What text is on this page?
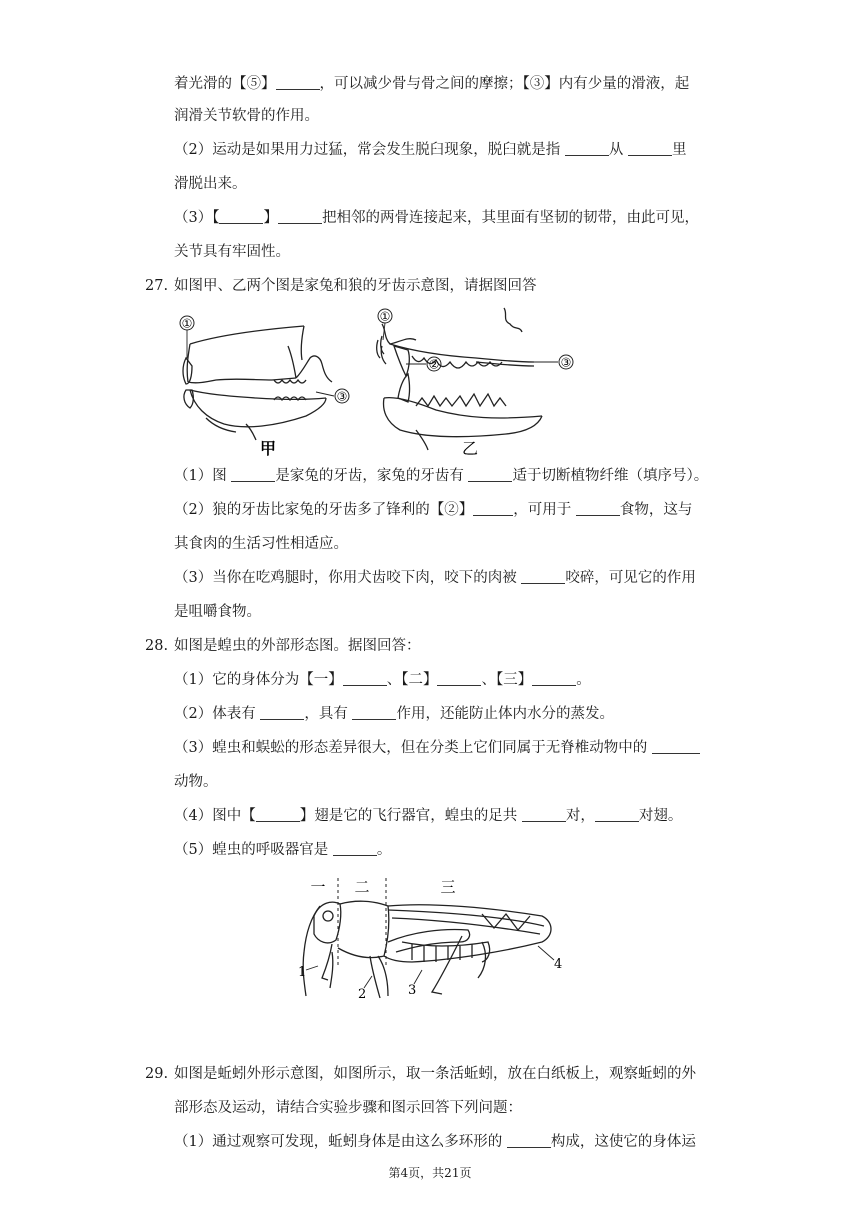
着光滑的【⑤】	，可以减少骨与骨之间的摩擦；【③】内有少量的滑液，起
润滑关节软骨的作用。
（2）运动是如果用力过猛，常会发生脱臼现象，脱臼就是指	从	里
滑脱出来。
（3）【	】	把相邻的两骨连接起来，其里面有坚韧的韧带，由此可见，
关节具有牢固性。
27. 如图甲、乙两个图是家兔和狼的牙齿示意图，请据图回答
①
③
甲
①
②	③
乙
（1）图	是家兔的牙齿，家兔的牙齿有	适于切断植物纤维（填序号）。
（2）狼的牙齿比家兔的牙齿多了锋利的【②】	，可用于	食物，这与
其食肉的生活习性相适应。
（3）当你在吃鸡腿时，你用犬齿咬下肉，咬下的肉被	咬碎，可见它的作用
是咀嚼食物。
28. 如图是蝗虫的外部形态图。据图回答：
（1）它的身体分为【一】	、【二】	、【三】	。
（2）体表有	，具有	作用，还能防止体内水分的蒸发。
（3）蝗虫和蜈蚣的形态差异很大，但在分类上它们同属于无脊椎动物中的
动物。
（4）图中【	】翅是它的飞行器官，蝗虫的足共	对，	对翅。
（5）蝗虫的呼吸器官是	。
一 二	三
1
2	3
4
29. 如图是蚯蚓外形示意图，如图所示，取一条活蚯蚓，放在白纸板上，观察蚯蚓的外
部形态及运动，请结合实验步骤和图示回答下列问题：
（1）通过观察可发现，蚯蚓身体是由这么多环形的	构成，这使它的身体运
第4页，共21页
